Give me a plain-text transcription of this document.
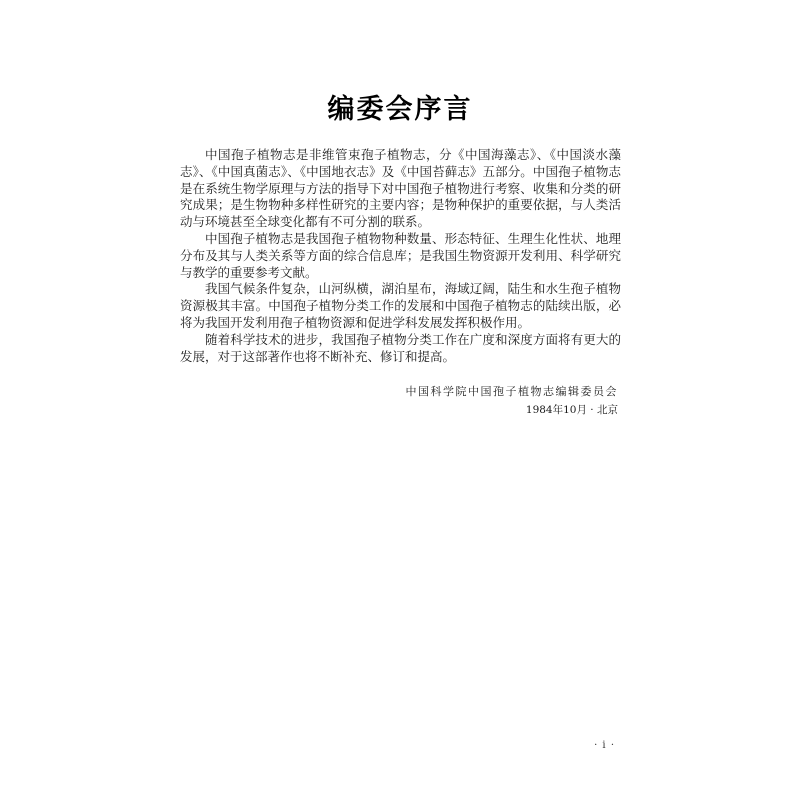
编委会序言

中国孢子植物志是非维管束孢子植物志，分《中国海藻志》、《中国淡水藻志》、《中国真菌志》、《中国地衣志》及《中国苔藓志》五部分。中国孢子植物志是在系统生物学原理与方法的指导下对中国孢子植物进行考察、收集和分类的研究成果；是生物物种多样性研究的主要内容；是物种保护的重要依据，与人类活动与环境甚至全球变化都有不可分割的联系。

中国孢子植物志是我国孢子植物物种数量、形态特征、生理生化性状、地理分布及其与人类关系等方面的综合信息库；是我国生物资源开发利用、科学研究与教学的重要参考文献。

我国气候条件复杂，山河纵横，湖泊星布，海域辽阔，陆生和水生孢子植物资源极其丰富。中国孢子植物分类工作的发展和中国孢子植物志的陆续出版，必将为我国开发利用孢子植物资源和促进学科发展发挥积极作用。

随着科学技术的进步，我国孢子植物分类工作在广度和深度方面将有更大的发展，对于这部著作也将不断补充、修订和提高。

中国科学院中国孢子植物志编辑委员会
1984年10月 · 北京
· i ·
